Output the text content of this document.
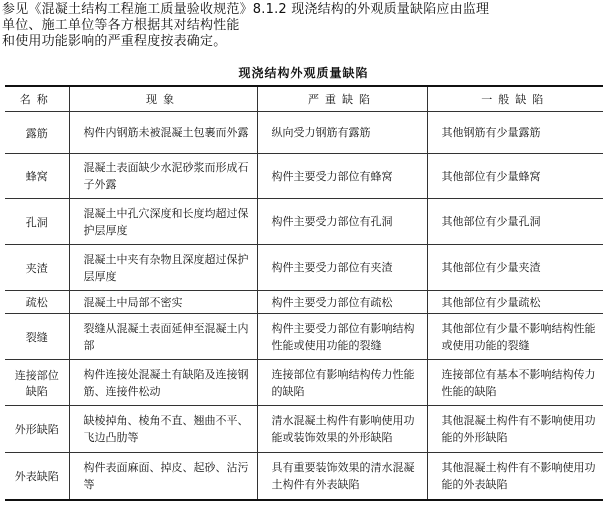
参见《混凝土结构工程施工质量验收规范》8.1.2 现浇结构的外观质量缺陷应由监理
单位、施工单位等各方根据其对结构性能
和使用功能影响的严重程度按表确定。
现浇结构外观质量缺陷
名称	现象	严重缺陷	一般缺陷
露筋	构件内钢筋未被混凝土包裹而外露	纵向受力钢筋有露筋	其他钢筋有少量露筋
蜂窝	混凝土表面缺少水泥砂浆而形成石子外露	构件主要受力部位有蜂窝	其他部位有少量蜂窝
孔洞	混凝土中孔穴深度和长度均超过保护层厚度	构件主要受力部位有孔洞	其他部位有少量孔洞
夹渣	混凝土中夹有杂物且深度超过保护层厚度	构件主要受力部位有夹渣	其他部位有少量夹渣
疏松	混凝土中局部不密实	构件主要受力部位有疏松	其他部位有少量疏松
裂缝	裂缝从混凝土表面延伸至混凝土内部	构件主要受力部位有影响结构性能或使用功能的裂缝	其他部位有少量不影响结构性能或使用功能的裂缝
连接部位缺陷	构件连接处混凝土有缺陷及连接钢筋、连接件松动	连接部位有影响结构传力性能的缺陷	连接部位有基本不影响结构传力性能的缺陷
外形缺陷	缺棱掉角、棱角不直、翘曲不平、飞边凸肋等	清水混凝土构件有影响使用功能或装饰效果的外形缺陷	其他混凝土构件有不影响使用功能的外形缺陷
外表缺陷	构件表面麻面、掉皮、起砂、沾污等	具有重要装饰效果的清水混凝土构件有外表缺陷	其他混凝土构件有不影响使用功能的外表缺陷
